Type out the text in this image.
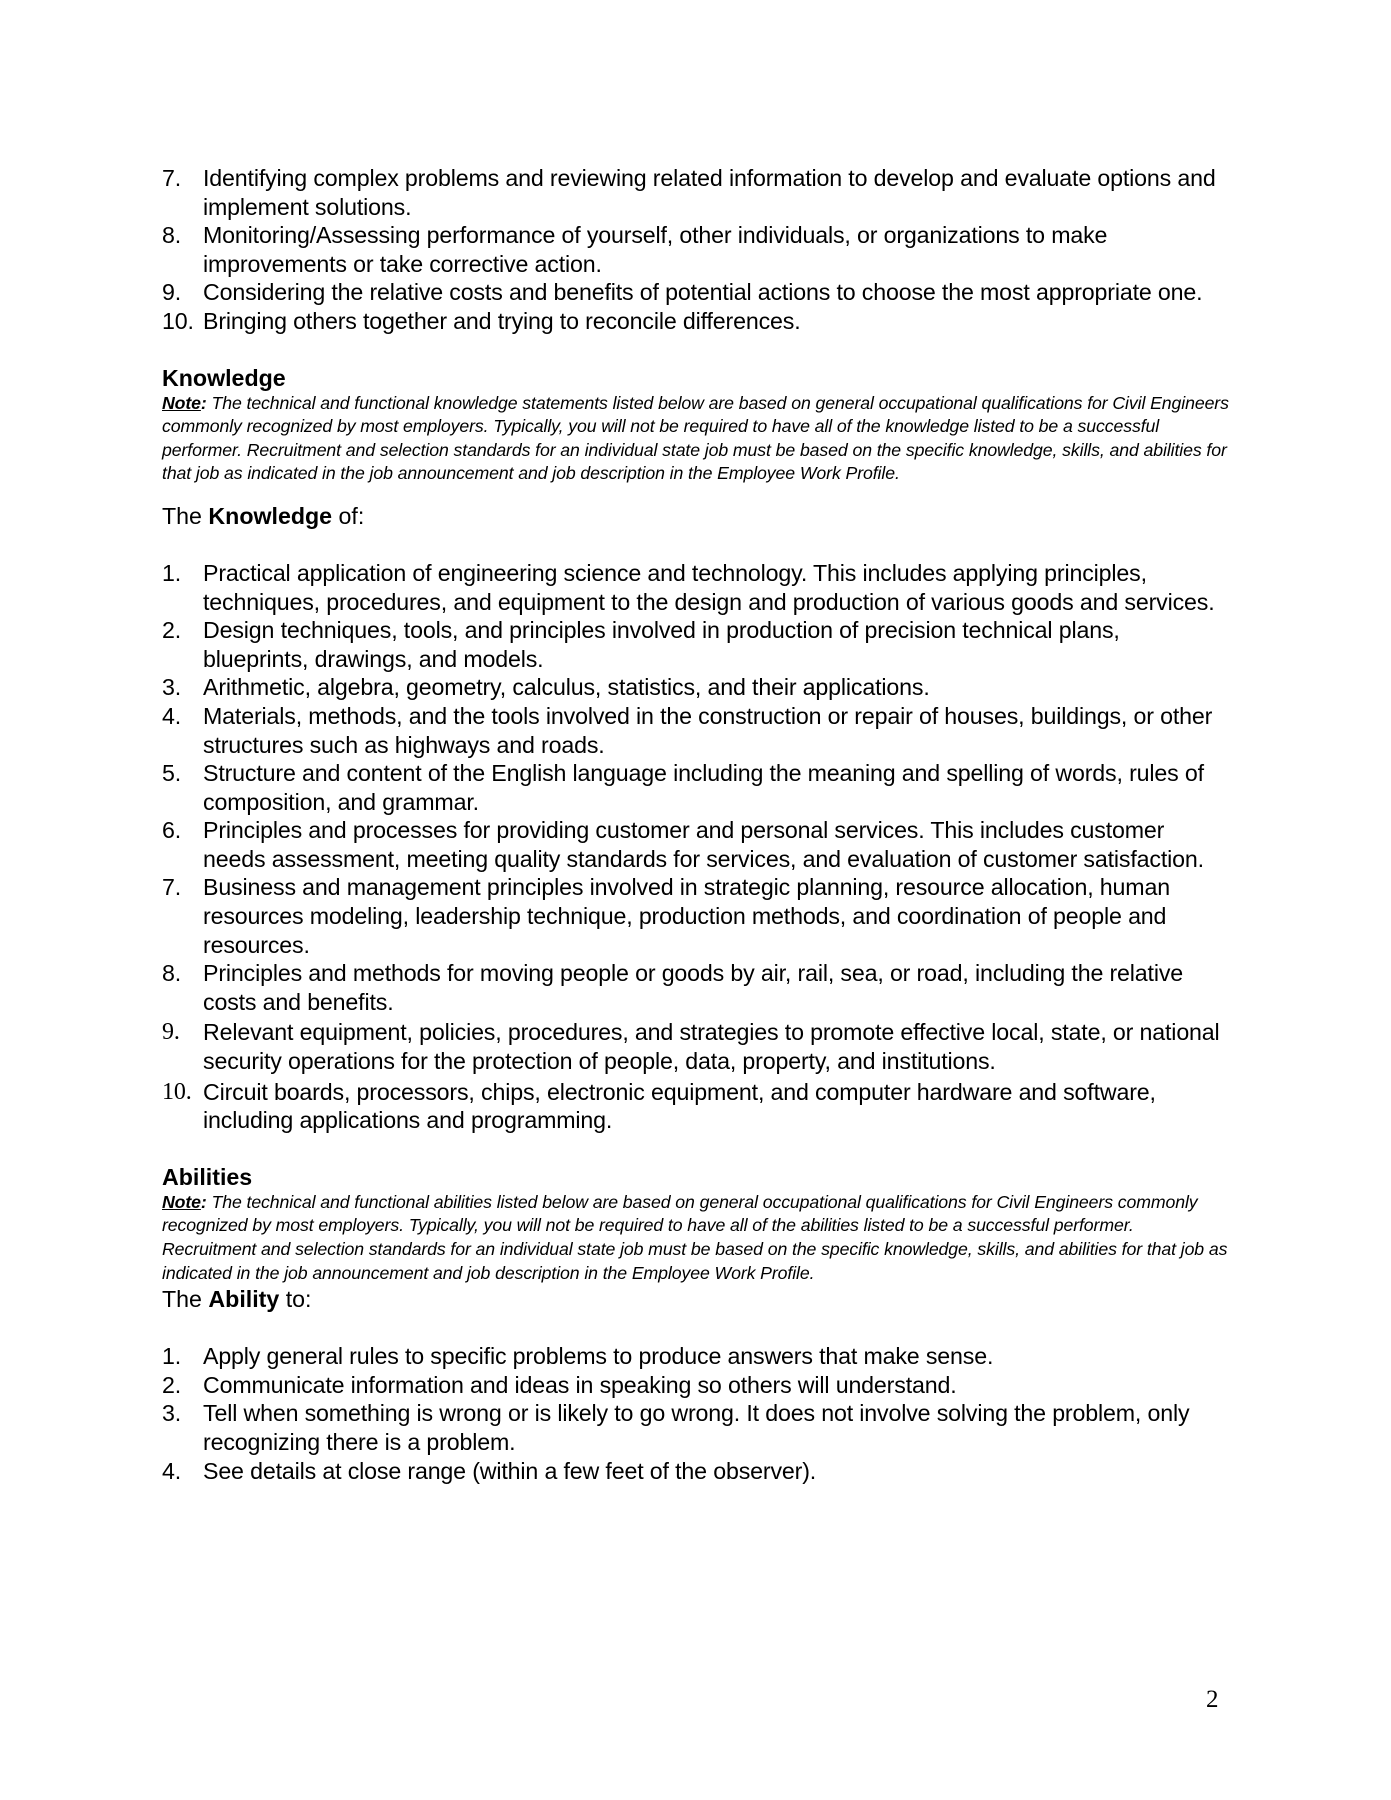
7. Identifying complex problems and reviewing related information to develop and evaluate options and implement solutions.
8. Monitoring/Assessing performance of yourself, other individuals, or organizations to make improvements or take corrective action.
9. Considering the relative costs and benefits of potential actions to choose the most appropriate one.
10. Bringing others together and trying to reconcile differences.
Knowledge

Note: The technical and functional knowledge statements listed below are based on general occupational qualifications for Civil Engineers commonly recognized by most employers. Typically, you will not be required to have all of the knowledge listed to be a successful performer. Recruitment and selection standards for an individual state job must be based on the specific knowledge, skills, and abilities for that job as indicated in the job announcement and job description in the Employee Work Profile.

The Knowledge of:

1. Practical application of engineering science and technology. This includes applying principles, techniques, procedures, and equipment to the design and production of various goods and services.
2. Design techniques, tools, and principles involved in production of precision technical plans, blueprints, drawings, and models.
3. Arithmetic, algebra, geometry, calculus, statistics, and their applications.
4. Materials, methods, and the tools involved in the construction or repair of houses, buildings, or other structures such as highways and roads.
5. Structure and content of the English language including the meaning and spelling of words, rules of composition, and grammar.
6. Principles and processes for providing customer and personal services. This includes customer needs assessment, meeting quality standards for services, and evaluation of customer satisfaction.
7. Business and management principles involved in strategic planning, resource allocation, human resources modeling, leadership technique, production methods, and coordination of people and resources.
8. Principles and methods for moving people or goods by air, rail, sea, or road, including the relative costs and benefits.
9. Relevant equipment, policies, procedures, and strategies to promote effective local, state, or national security operations for the protection of people, data, property, and institutions.
10. Circuit boards, processors, chips, electronic equipment, and computer hardware and software, including applications and programming.
Abilities

Note: The technical and functional abilities listed below are based on general occupational qualifications for Civil Engineers commonly recognized by most employers. Typically, you will not be required to have all of the abilities listed to be a successful performer. Recruitment and selection standards for an individual state job must be based on the specific knowledge, skills, and abilities for that job as indicated in the job announcement and job description in the Employee Work Profile.

The Ability to:

1. Apply general rules to specific problems to produce answers that make sense.
2. Communicate information and ideas in speaking so others will understand.
3. Tell when something is wrong or is likely to go wrong. It does not involve solving the problem, only recognizing there is a problem.
4. See details at close range (within a few feet of the observer).
2
